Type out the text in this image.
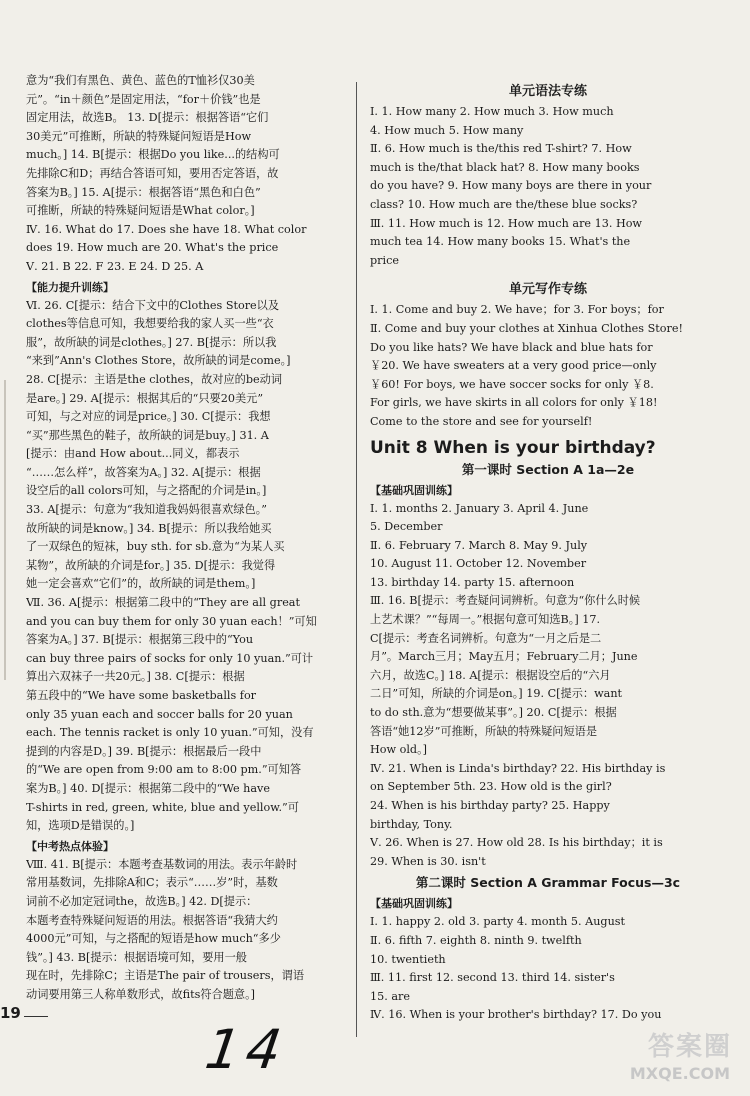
意为“我们有黑色、黄色、蓝色的T恤衫仅30美

元”。“in＋颜色”是固定用法，“for＋价钱”也是

固定用法，故选B。 13. D[提示：根据答语“它们

30美元”可推断，所缺的特殊疑问短语是How

much。] 14. B[提示：根据Do you like...的结构可

先排除C和D；再结合答语可知，要用否定答语，故

答案为B。] 15. A[提示：根据答语“黑色和白色”

可推断，所缺的特殊疑问短语是What color。]

Ⅳ. 16. What do 17. Does she have 18. What color

does 19. How much are 20. What's the price

Ⅴ. 21. B 22. F 23. E 24. D 25. A

【能力提升训练】

Ⅵ. 26. C[提示：结合下文中的Clothes Store以及

clothes等信息可知，我想要给我的家人买一些“衣

服”，故所缺的词是clothes。] 27. B[提示：所以我

“来到”Ann's Clothes Store，故所缺的词是come。]

28. C[提示：主语是the clothes，故对应的be动词

是are。] 29. A[提示：根据其后的“只要20美元”

可知，与之对应的词是price。] 30. C[提示：我想

“买”那些黑色的鞋子，故所缺的词是buy。] 31. A

[提示：由and How about...同义，都表示

“……怎么样”，故答案为A。] 32. A[提示：根据

设空后的all colors可知，与之搭配的介词是in。]

33. A[提示：句意为“我知道我妈妈很喜欢绿色。”

故所缺的词是know。] 34. B[提示：所以我给她买

了一双绿色的短袜，buy sth. for sb.意为“为某人买

某物”，故所缺的介词是for。] 35. D[提示：我觉得

她一定会喜欢“它们”的，故所缺的词是them。]

Ⅶ. 36. A[提示：根据第二段中的“They are all great

and you can buy them for only 30 yuan each！”可知

答案为A。] 37. B[提示：根据第三段中的“You

can buy three pairs of socks for only 10 yuan.”可计

算出六双袜子一共20元。] 38. C[提示：根据

第五段中的“We have some basketballs for

only 35 yuan each and soccer balls for 20 yuan

each. The tennis racket is only 10 yuan.”可知，没有

提到的内容是D。] 39. B[提示：根据最后一段中

的“We are open from 9:00 am to 8:00 pm.”可知答

案为B。] 40. D[提示：根据第二段中的“We have

T-shirts in red, green, white, blue and yellow.”可

知，选项D是错误的。]

【中考热点体验】

Ⅷ. 41. B[提示：本题考查基数词的用法。表示年龄时

常用基数词，先排除A和C；表示“……岁”时，基数

词前不必加定冠词the，故选B。] 42. D[提示：

本题考查特殊疑问短语的用法。根据答语“我猜大约

4000元”可知，与之搭配的短语是how much“多少

钱”。] 43. B[提示：根据语境可知，要用一般

现在时，先排除C；主语是The pair of trousers，谓语

动词要用第三人称单数形式，故fits符合题意。]

单元语法专练

Ⅰ. 1. How many 2. How much 3. How much

4. How much 5. How many

Ⅱ. 6. How much is the/this red T-shirt? 7. How

much is the/that black hat? 8. How many books

do you have? 9. How many boys are there in your

class? 10. How much are the/these blue socks?

Ⅲ. 11. How much is 12. How much are 13. How

much tea 14. How many books 15. What's the

price

单元写作专练

Ⅰ. 1. Come and buy 2. We have；for 3. For boys；for

Ⅱ. Come and buy your clothes at Xinhua Clothes Store!

Do you like hats? We have black and blue hats for

￥20. We have sweaters at a very good price—only

￥60! For boys, we have soccer socks for only ￥8.

For girls, we have skirts in all colors for only ￥18!

Come to the store and see for yourself!

Unit 8 When is your birthday?
第一课时 Section A 1a—2e
【基础巩固训练】

Ⅰ. 1. months 2. January 3. April 4. June

5. December

Ⅱ. 6. February 7. March 8. May 9. July

10. August 11. October 12. November

13. birthday 14. party 15. afternoon

Ⅲ. 16. B[提示：考查疑问词辨析。句意为“你什么时候

上艺术课？”“每周一。”根据句意可知选B。] 17.

C[提示：考查名词辨析。句意为“一月之后是二

月”。March三月；May五月；February二月；June

六月，故选C。] 18. A[提示：根据设空后的“六月

二日”可知，所缺的介词是on。] 19. C[提示：want

to do sth.意为“想要做某事”。] 20. C[提示：根据

答语“她12岁”可推断，所缺的特殊疑问短语是

How old。]

Ⅳ. 21. When is Linda's birthday? 22. His birthday is

on September 5th. 23. How old is the girl?

24. When is his birthday party? 25. Happy

birthday, Tony.

Ⅴ. 26. When is 27. How old 28. Is his birthday；it is

29. When is 30. isn't

第二课时 Section A Grammar Focus—3c
【基础巩固训练】

Ⅰ. 1. happy 2. old 3. party 4. month 5. August

Ⅱ. 6. fifth 7. eighth 8. ninth 9. twelfth

10. twentieth

Ⅲ. 11. first 12. second 13. third 14. sister's

15. are

Ⅳ. 16. When is your brother's birthday? 17. Do you

19
14	答案圈
MXQE.COM
